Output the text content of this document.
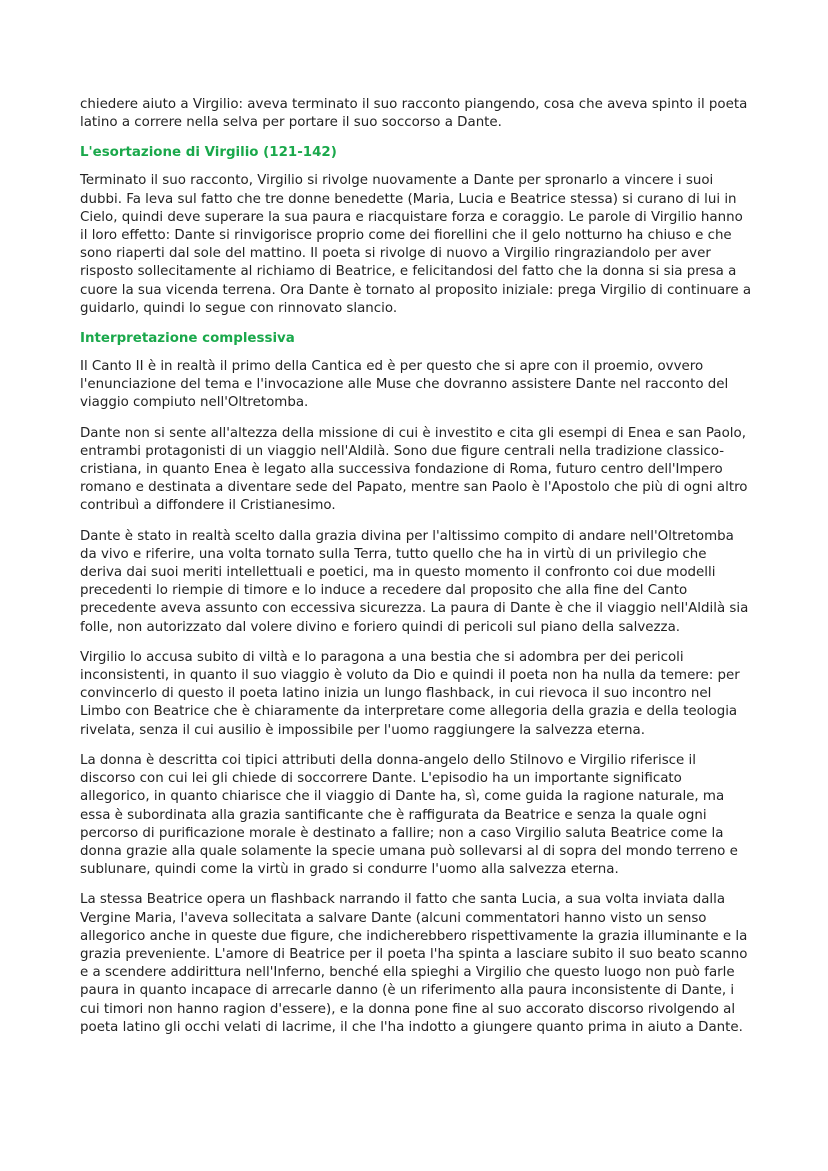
chiedere aiuto a Virgilio: aveva terminato il suo racconto piangendo, cosa che aveva spinto il poeta latino a correre nella selva per portare il suo soccorso a Dante.

L'esortazione di Virgilio (121-142)

Terminato il suo racconto, Virgilio si rivolge nuovamente a Dante per spronarlo a vincere i suoi dubbi. Fa leva sul fatto che tre donne benedette (Maria, Lucia e Beatrice stessa) si curano di lui in Cielo, quindi deve superare la sua paura e riacquistare forza e coraggio. Le parole di Virgilio hanno il loro effetto: Dante si rinvigorisce proprio come dei fiorellini che il gelo notturno ha chiuso e che sono riaperti dal sole del mattino. Il poeta si rivolge di nuovo a Virgilio ringraziandolo per aver risposto sollecitamente al richiamo di Beatrice, e felicitandosi del fatto che la donna si sia presa a cuore la sua vicenda terrena. Ora Dante è tornato al proposito iniziale: prega Virgilio di continuare a guidarlo, quindi lo segue con rinnovato slancio.

Interpretazione complessiva

Il Canto II è in realtà il primo della Cantica ed è per questo che si apre con il proemio, ovvero l'enunciazione del tema e l'invocazione alle Muse che dovranno assistere Dante nel racconto del viaggio compiuto nell'Oltretomba.

Dante non si sente all'altezza della missione di cui è investito e cita gli esempi di Enea e san Paolo, entrambi protagonisti di un viaggio nell'Aldilà. Sono due figure centrali nella tradizione classico-cristiana, in quanto Enea è legato alla successiva fondazione di Roma, futuro centro dell'Impero romano e destinata a diventare sede del Papato, mentre san Paolo è l'Apostolo che più di ogni altro contribuì a diffondere il Cristianesimo.

Dante è stato in realtà scelto dalla grazia divina per l'altissimo compito di andare nell'Oltretomba da vivo e riferire, una volta tornato sulla Terra, tutto quello che ha in virtù di un privilegio che deriva dai suoi meriti intellettuali e poetici, ma in questo momento il confronto coi due modelli precedenti lo riempie di timore e lo induce a recedere dal proposito che alla fine del Canto precedente aveva assunto con eccessiva sicurezza. La paura di Dante è che il viaggio nell'Aldilà sia folle, non autorizzato dal volere divino e foriero quindi di pericoli sul piano della salvezza.

Virgilio lo accusa subito di viltà e lo paragona a una bestia che si adombra per dei pericoli inconsistenti, in quanto il suo viaggio è voluto da Dio e quindi il poeta non ha nulla da temere: per convincerlo di questo il poeta latino inizia un lungo flashback, in cui rievoca il suo incontro nel Limbo con Beatrice che è chiaramente da interpretare come allegoria della grazia e della teologia rivelata, senza il cui ausilio è impossibile per l'uomo raggiungere la salvezza eterna.

La donna è descritta coi tipici attributi della donna-angelo dello Stilnovo e Virgilio riferisce il discorso con cui lei gli chiede di soccorrere Dante. L'episodio ha un importante significato allegorico, in quanto chiarisce che il viaggio di Dante ha, sì, come guida la ragione naturale, ma essa è subordinata alla grazia santificante che è raffigurata da Beatrice e senza la quale ogni percorso di purificazione morale è destinato a fallire; non a caso Virgilio saluta Beatrice come la donna grazie alla quale solamente la specie umana può sollevarsi al di sopra del mondo terreno e sublunare, quindi come la virtù in grado si condurre l'uomo alla salvezza eterna.

La stessa Beatrice opera un flashback narrando il fatto che santa Lucia, a sua volta inviata dalla Vergine Maria, l'aveva sollecitata a salvare Dante (alcuni commentatori hanno visto un senso allegorico anche in queste due figure, che indicherebbero rispettivamente la grazia illuminante e la grazia preveniente. L'amore di Beatrice per il poeta l'ha spinta a lasciare subito il suo beato scanno e a scendere addirittura nell'Inferno, benché ella spieghi a Virgilio che questo luogo non può farle paura in quanto incapace di arrecarle danno (è un riferimento alla paura inconsistente di Dante, i cui timori non hanno ragion d'essere), e la donna pone fine al suo accorato discorso rivolgendo al poeta latino gli occhi velati di lacrime, il che l'ha indotto a giungere quanto prima in aiuto a Dante.
